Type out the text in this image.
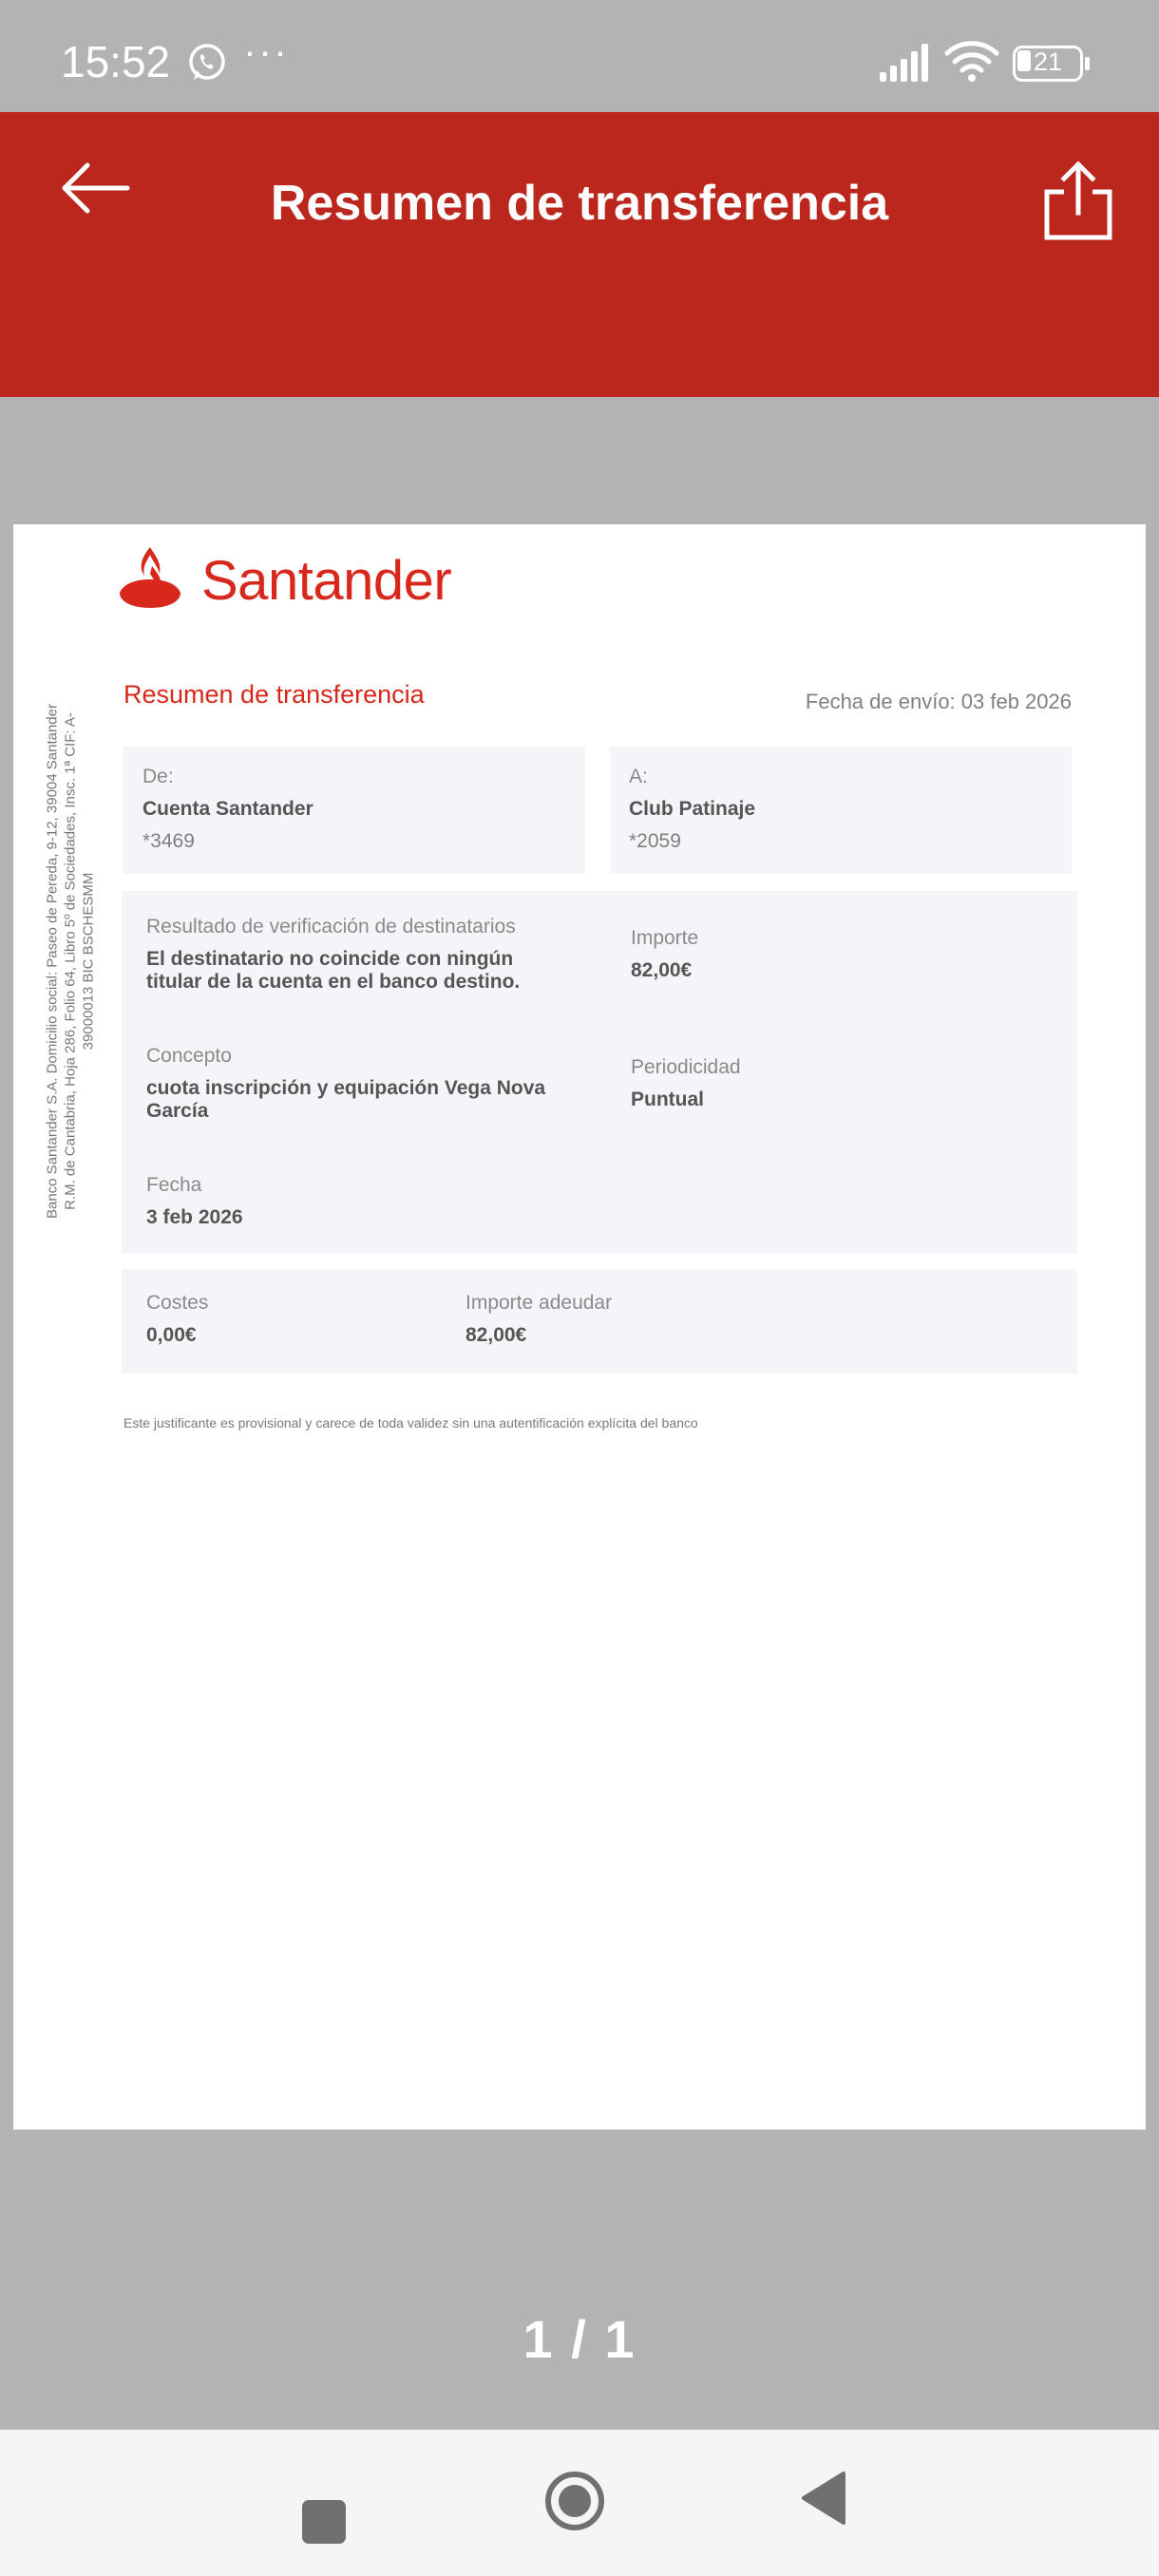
15:52 ···	21
Resumen de transferencia
Santander
Banco Santander S.A. Domicilio social: Paseo de Pereda, 9-12, 39004 Santander R.M. de Cantabria, Hoja 286, Folio 64, Libro 5º de Sociedades, Insc. 1ª CIF: A-39000013 BIC BSCHESMM
Resumen de transferencia	Fecha de envío: 03 feb 2026
De:
Cuenta Santander
*3469
A:
Club Patinaje
*2059
Resultado de verificación de destinatarios
El destinatario no coincide con ningún titular de la cuenta en el banco destino.
Importe
82,00€
Concepto
cuota inscripción y equipación Vega Nova García
Periodicidad
Puntual
Fecha
3 feb 2026
Costes
0,00€
Importe adeudar
82,00€
Este justificante es provisional y carece de toda validez sin una autentificación explícita del banco
1 / 1
